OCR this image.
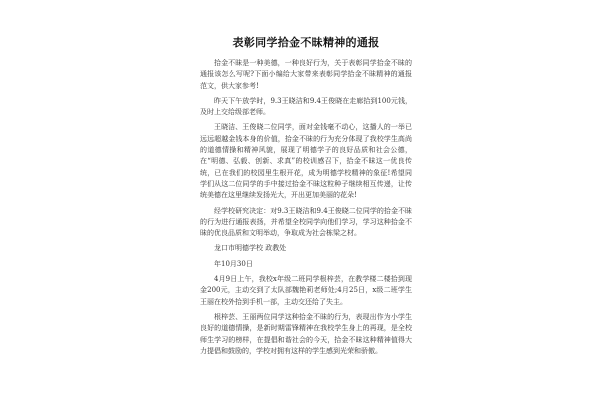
表彰同学拾金不昧精神的通报

拾金不昧是一种美德，一种良好行为，关于表彰同学拾金不昧的通报该怎么写呢?下面小编给大家带来表彰同学拾金不昧精神的通报范文，供大家参考!

昨天下午放学时，9.3王晓洁和9.4王俊晓在走廊拾到100元钱，及时上交给级部老师。

王晓洁、王俊晓二位同学，面对金钱毫不动心，这播人的一举已远远超越金钱本身的价值，拾金不昧的行为充分体现了我校学生高尚的道德情操和精神风貌，展现了明德学子的良好品质和社会公德，在“明德、弘毅、创新、求真”的校训感召下，拾金不昧这一优良传统，已在我们的校园里生根开花，成为明德学校精神的象征!希望同学们从这二位同学的手中接过拾金不昧这粒种子继续相互传递，让传统美德在这里继续发扬光大，开出更加美丽的花朵!

经学校研究决定：对9.3王晓洁和9.4王俊晓二位同学的拾金不昧的行为进行通报表扬，并希望全校同学向他们学习，学习这种拾金不昧的优良品质和文明举动，争取成为社会栋梁之材。

龙口市明德学校 政教处
年10月30日

4月9日上午，我校x年级二班同学根梓芸，在教学楼二楼拾到现金200元，主动交到了太队部魏艳莉老师处;4月25日，x级二班学生王丽在校外拾到手机一部，主动交还给了失主。

根梓芸、王丽两位同学这种拾金不昧的行为，表现出作为小学生良好的道德情操，是新时期雷锋精神在我校学生身上的再现，是全校师生学习的榜样，在提倡和谐社会的今天，拾金不昧这种精神值得大力提倡和鼓励的，学校对拥有这样的学生感到光荣和骄傲。
